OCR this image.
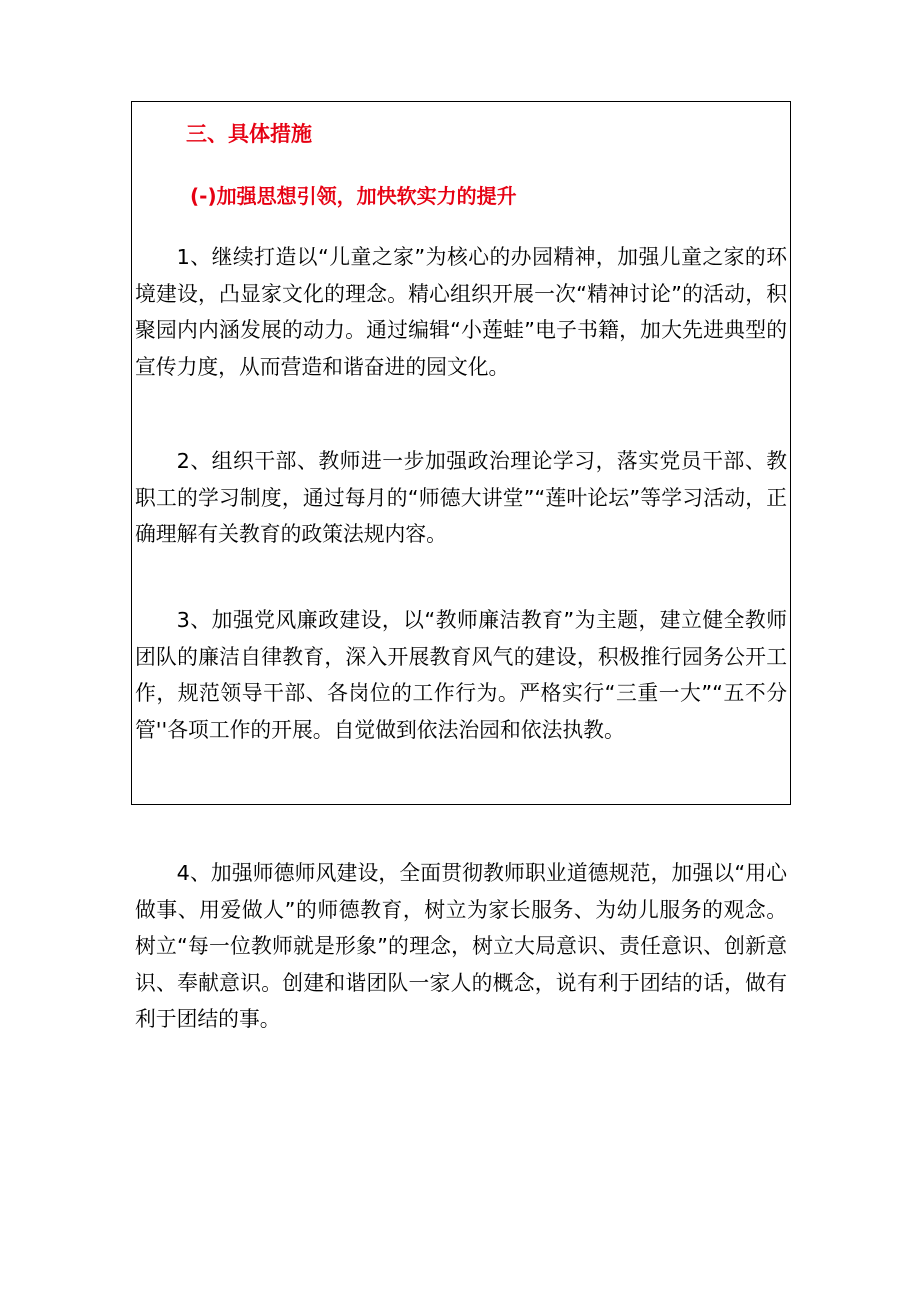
三、具体措施
(-)加强思想引领，加快软实力的提升

1、继续打造以“儿童之家”为核心的办园精神，加强儿童之家的环境建设，凸显家文化的理念。精心组织开展一次“精神讨论”的活动，积聚园内内涵发展的动力。通过编辑“小莲蛙”电子书籍，加大先进典型的宣传力度，从而营造和谐奋进的园文化。

2、组织干部、教师进一步加强政治理论学习，落实党员干部、教职工的学习制度，通过每月的“师德大讲堂”“莲叶论坛”等学习活动，正确理解有关教育的政策法规内容。

3、加强党风廉政建设，以“教师廉洁教育”为主题，建立健全教师团队的廉洁自律教育，深入开展教育风气的建设，积极推行园务公开工作，规范领导干部、各岗位的工作行为。严格实行“三重一大”“五不分管''各项工作的开展。自觉做到依法治园和依法执教。

4、加强师德师风建设，全面贯彻教师职业道德规范，加强以“用心做事、用爱做人”的师德教育，树立为家长服务、为幼儿服务的观念。树立“每一位教师就是形象”的理念，树立大局意识、责任意识、创新意识、奉献意识。创建和谐团队一家人的概念，说有利于团结的话，做有利于团结的事。
